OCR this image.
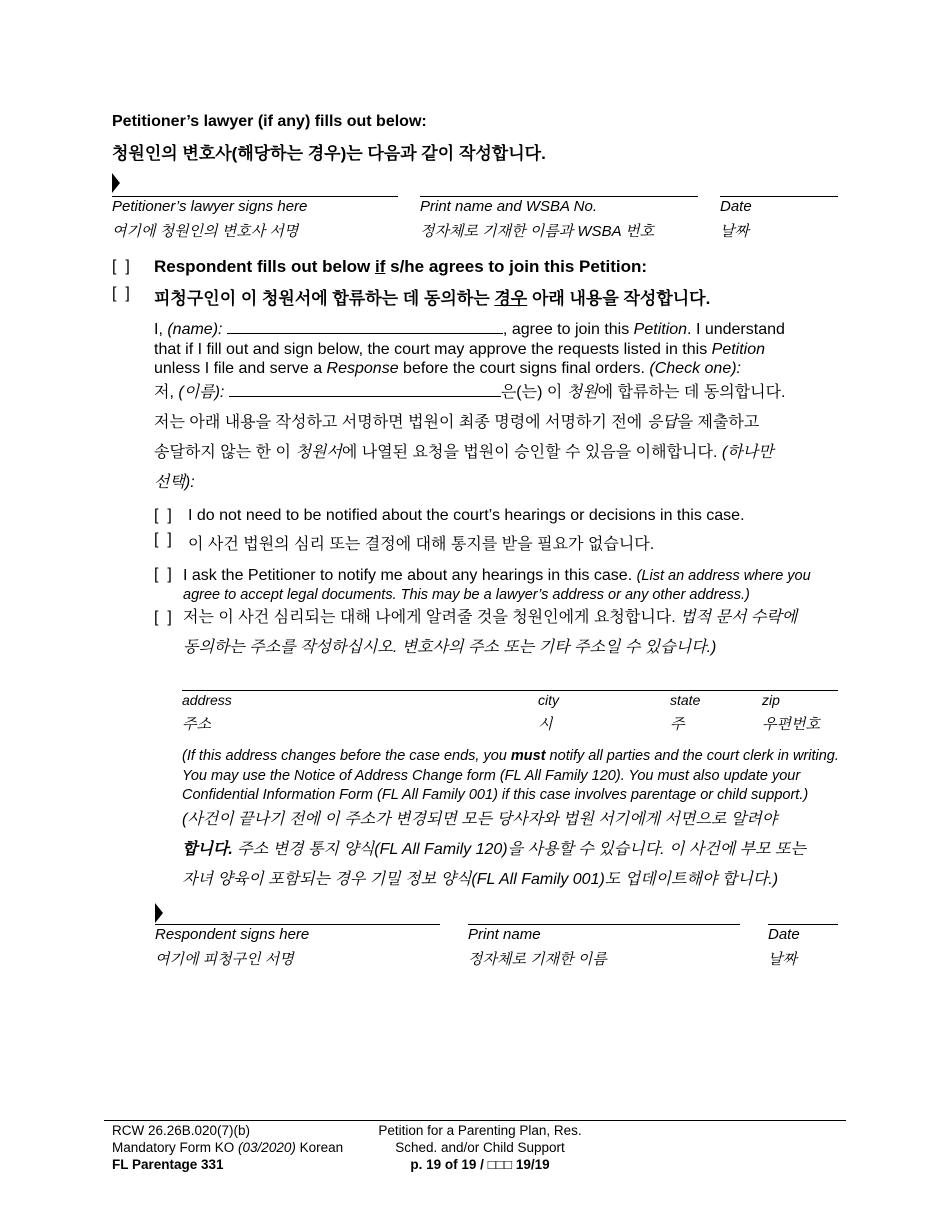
Petitioner’s lawyer (if any) fills out below:
청원인의 변호사(해당하는 경우)는 다음과 같이 작성합니다.
Petitioner’s lawyer signs here
여기에 청원인의 변호사 서명
Print name and WSBA No.
정자체로 기재한 이름과 WSBA 번호
Date
날짜
[  ] Respondent fills out below if s/he agrees to join this Petition:
[  ] 피청구인이 이 청원서에 합류하는 데 동의하는 경우 아래 내용을 작성합니다.
I, (name):	, agree to join this Petition. I understand
that if I fill out and sign below, the court may approve the requests listed in this Petition
unless I file and serve a Response before the court signs final orders. (Check one):
저, (이름):	은(는) 이 청원에 합류하는 데 동의합니다.
저는 아래 내용을 작성하고 서명하면 법원이 최종 명령에 서명하기 전에 응답을 제출하고
송달하지 않는 한 이 청원서에 나열된 요청을 법원이 승인할 수 있음을 이해합니다. (하나만
선택):
[  ] I do not need to be notified about the court’s hearings or decisions in this case.
[  ] 이 사건 법원의 심리 또는 결정에 대해 통지를 받을 필요가 없습니다.
[  ] I ask the Petitioner to notify me about any hearings in this case. (List an address where you
agree to accept legal documents. This may be a lawyer’s address or any other address.)
[  ] 저는 이 사건 심리되는 대해 나에게 알려줄 것을 청원인에게 요청합니다. 법적 문서 수락에
동의하는 주소를 작성하십시오. 변호사의 주소 또는 기타 주소일 수 있습니다.)
address
주소
city
시
state
주
zip
우편번호
(If this address changes before the case ends, you must notify all parties and the court clerk in writing.
You may use the Notice of Address Change form (FL All Family 120). You must also update your
Confidential Information Form (FL All Family 001) if this case involves parentage or child support.)
(사건이 끝나기 전에 이 주소가 변경되면 모든 당사자와 법원 서기에게 서면으로 알려야
합니다. 주소 변경 통지 양식(FL All Family 120)을 사용할 수 있습니다. 이 사건에 부모 또는
자녀 양육이 포함되는 경우 기밀 정보 양식(FL All Family 001)도 업데이트해야 합니다.)
Respondent signs here
여기에 피청구인 서명
Print name
정자체로 기재한 이름
Date
날짜
RCW 26.26B.020(7)(b)
Mandatory Form KO (03/2020) Korean
FL Parentage 331
Petition for a Parenting Plan, Res.
Sched. and/or Child Support
p. 19 of 19 / □□□ 19/19
